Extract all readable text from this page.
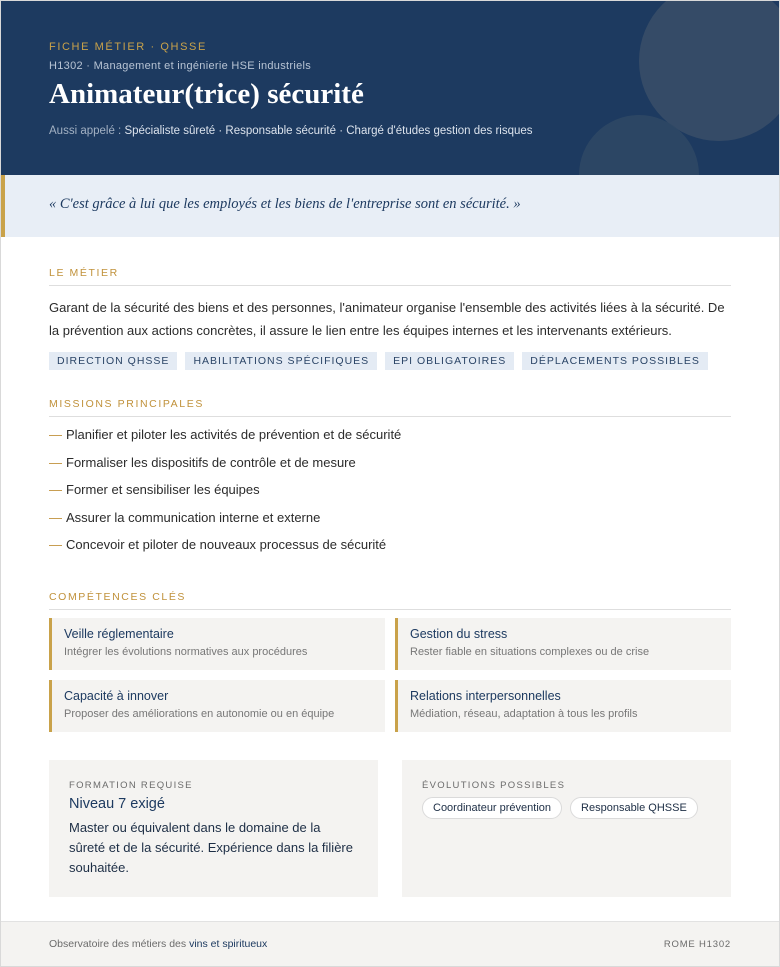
FICHE MÉTIER · QHSSE
H1302 · Management et ingénierie HSE industriels
Animateur(trice) sécurité
Aussi appelé : Spécialiste sûreté · Responsable sécurité · Chargé d'études gestion des risques
« C'est grâce à lui que les employés et les biens de l'entreprise sont en sécurité. »
LE MÉTIER

Garant de la sécurité des biens et des personnes, l'animateur organise l'ensemble des activités liées à la sécurité. De la prévention aux actions concrètes, il assure le lien entre les équipes internes et les intervenants extérieurs.

DIRECTION QHSSE	HABILITATIONS SPÉCIFIQUES	EPI OBLIGATOIRES	DÉPLACEMENTS POSSIBLES
MISSIONS PRINCIPALES
— Planifier et piloter les activités de prévention et de sécurité
— Formaliser les dispositifs de contrôle et de mesure
— Former et sensibiliser les équipes
— Assurer la communication interne et externe
— Concevoir et piloter de nouveaux processus de sécurité
COMPÉTENCES CLÉS
Veille réglementaire
Intégrer les évolutions normatives aux procédures
Gestion du stress
Rester fiable en situations complexes ou de crise
Capacité à innover
Proposer des améliorations en autonomie ou en équipe
Relations interpersonnelles
Médiation, réseau, adaptation à tous les profils
FORMATION REQUISE
Niveau 7 exigé
Master ou équivalent dans le domaine de la sûreté et de la sécurité. Expérience dans la filière souhaitée.
ÉVOLUTIONS POSSIBLES
Coordinateur prévention	Responsable QHSSE
Observatoire des métiers des vins et spiritueux	ROME H1302
